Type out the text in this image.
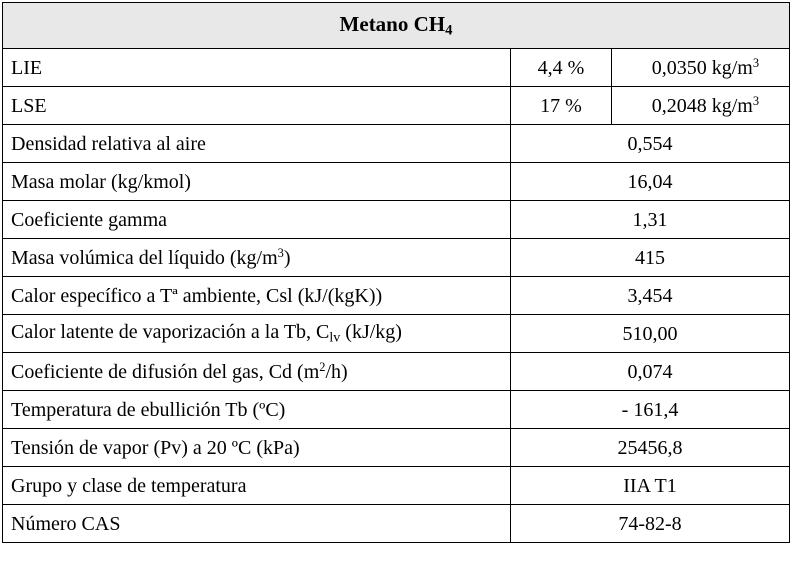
Metano $CH_4$
LIE	4,4 %	0,0350 $kg/m^3$
LSE	17 %	0,2048 $kg/m^3$
Densidad relativa al aire	0,554	
Masa molar (kg/kmol)	16,04	
Coeficiente gamma	1,31	
Masa volúmica del líquido $(kg/m^3)$	415	
Calor específico a Tª ambiente, Csl (kJ/(kgK))	3,454	
Calor latente de vaporización a la Tb, $C_{lv}$ (kJ/kg)	510,00	
Coeficiente de difusión del gas, Cd $(m^2/h)$	0,074	
Temperatura de ebullición Tb (ºC)	- 161,4	
Tensión de vapor (Pv) a 20 ºC (kPa)	25456,8	
Grupo y clase de temperatura	IIA T1	
Número CAS	74-82-8	
